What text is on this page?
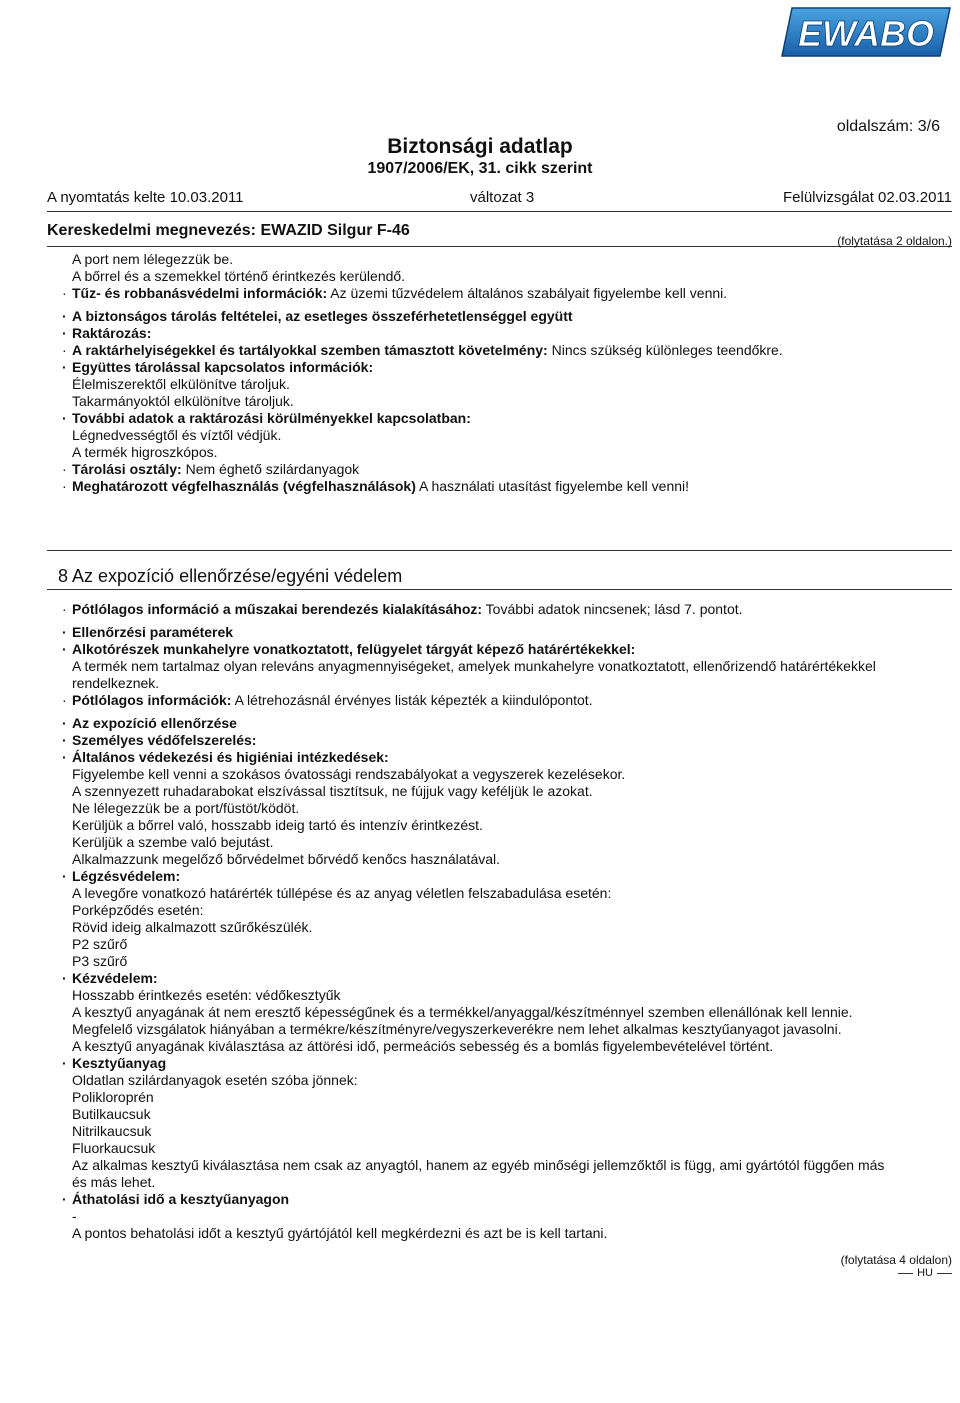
EWABO
oldalszám: 3/6
Biztonsági adatlap
1907/2006/EK, 31. cikk szerint
A nyomtatás kelte 10.03.2011	változat 3	Felülvizsgálat 02.03.2011
Kereskedelmi megnevezés: EWAZID Silgur F-46
(folytatása 2 oldalon.)
A port nem lélegezzük be.
A bőrrel és a szemekkel történő érintkezés kerülendő.
· Tűz- és robbanásvédelmi információk: Az üzemi tűzvédelem általános szabályait figyelembe kell venni.
· A biztonságos tárolás feltételei, az esetleges összeférhetetlenséggel együtt
· Raktározás:
· A raktárhelyiségekkel és tartályokkal szemben támasztott követelmény: Nincs szükség különleges teendőkre.
· Együttes tárolással kapcsolatos információk:
Élelmiszerektől elkülönítve tároljuk.
Takarmányoktól elkülönítve tároljuk.
· További adatok a raktározási körülményekkel kapcsolatban:
Légnedvességtől és víztől védjük.
A termék higroszkópos.
· Tárolási osztály: Nem éghető szilárdanyagok
· Meghatározott végfelhasználás (végfelhasználások) A használati utasítást figyelembe kell venni!
8 Az expozíció ellenőrzése/egyéni védelem
· Pótlólagos információ a műszakai berendezés kialakításához: További adatok nincsenek; lásd 7. pontot.
· Ellenőrzési paraméterek
· Alkotórészek munkahelyre vonatkoztatott, felügyelet tárgyát képező határértékekkel:
A termék nem tartalmaz olyan releváns anyagmennyiségeket, amelyek munkahelyre vonatkoztatott, ellenőrizendő határértékekkel
rendelkeznek.
· Pótlólagos információk: A létrehozásnál érvényes listák képezték a kiindulópontot.
· Az expozíció ellenőrzése
· Személyes védőfelszerelés:
· Általános védekezési és higiéniai intézkedések:
Figyelembe kell venni a szokásos óvatossági rendszabályokat a vegyszerek kezelésekor.
A szennyezett ruhadarabokat elszívással tisztítsuk, ne fújjuk vagy keféljük le azokat.
Ne lélegezzük be a port/füstöt/ködöt.
Kerüljük a bőrrel való, hosszabb ideig tartó és intenzív érintkezést.
Kerüljük a szembe való bejutást.
Alkalmazzunk megelőző bőrvédelmet bőrvédő kenőcs használatával.
· Légzésvédelem:
A levegőre vonatkozó határérték túllépése és az anyag véletlen felszabadulása esetén:
Porképződés esetén:
Rövid ideig alkalmazott szűrőkészülék.
P2 szűrő
P3 szűrő
· Kézvédelem:
Hosszabb érintkezés esetén: védőkesztyűk
A kesztyű anyagának át nem eresztő képességűnek és a termékkel/anyaggal/készítménnyel szemben ellenállónak kell lennie.
Megfelelő vizsgálatok hiányában a termékre/készítményre/vegyszerkeverékre nem lehet alkalmas kesztyűanyagot javasolni.
A kesztyű anyagának kiválasztása az áttörési idő, permeációs sebesség és a bomlás figyelembevételével történt.
· Kesztyűanyag
Oldatlan szilárdanyagok esetén szóba jönnek:
Polikloroprén
Butilkaucsuk
Nitrilkaucsuk
Fluorkaucsuk
Az alkalmas kesztyű kiválasztása nem csak az anyagtól, hanem az egyéb minőségi jellemzőktől is függ, ami gyártótól függően más
és más lehet.
· Áthatolási idő a kesztyűanyagon
-
A pontos behatolási időt a kesztyű gyártójától kell megkérdezni és azt be is kell tartani.
(folytatása 4 oldalon)
HU
